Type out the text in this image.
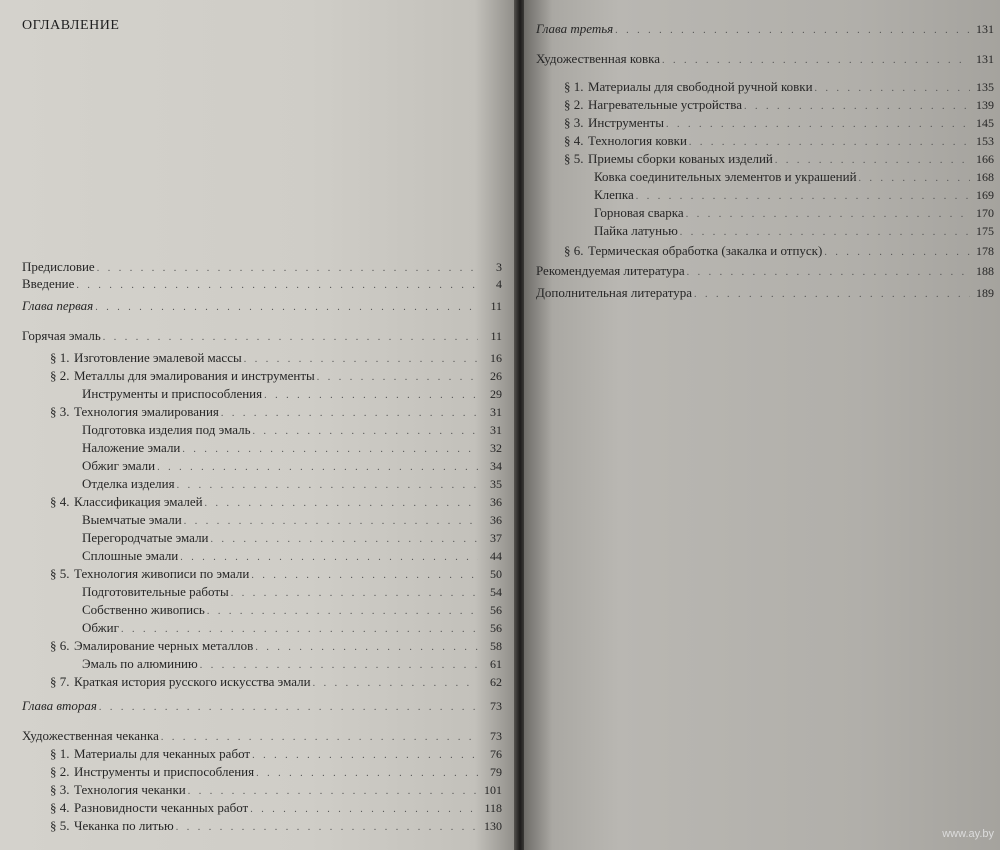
ОГЛАВЛЕНИЕ
Предисловие . . .	3
Введение . . .	4
Глава первая . . .	11
Горячая эмаль . . .	11
§ 1. Изготовление эмалевой массы . . .	16
§ 2. Металлы для эмалирования и инструменты . . .	26
Инструменты и приспособления . . .	29
§ 3. Технология эмалирования . . .	31
Подготовка изделия под эмаль . . .	31
Наложение эмали . . .	32
Обжиг эмали . . .	34
Отделка изделия . . .	35
§ 4. Классификация эмалей . . .	36
Выемчатые эмали . . .	36
Перегородчатые эмали . . .	37
Сплошные эмали . . .	44
§ 5. Технология живописи по эмали . . .	50
Подготовительные работы . . .	54
Собственно живопись . . .	56
Обжиг . . .	56
§ 6. Эмалирование черных металлов . . .	58
Эмаль по алюминию . . .	61
§ 7. Краткая история русского искусства эмали . . .	62
Глава вторая . . .	73
Художественная чеканка . . .	73
§ 1. Материалы для чеканных работ . . .	76
§ 2. Инструменты и приспособления . . .	79
§ 3. Технология чеканки . . .	101
§ 4. Разновидности чеканных работ . . .	118
§ 5. Чеканка по литью . . .	130
Глава третья . . .	131
Художественная ковка . . .	131
§ 1. Материалы для свободной ручной ковки . . .	135
§ 2. Нагревательные устройства . . .	139
§ 3. Инструменты . . .	145
§ 4. Технология ковки . . .	153
§ 5. Приемы сборки кованых изделий . . .	166
Ковка соединительных элементов и украшений . . .	168
Клепка . . .	169
Горновая сварка . . .	170
Пайка латунью . . .	175
§ 6. Термическая обработка (закалка и отпуск) . . .	178
Рекомендуемая литература . . .	188
Дополнительная литература . . .	189
www.ay.by
